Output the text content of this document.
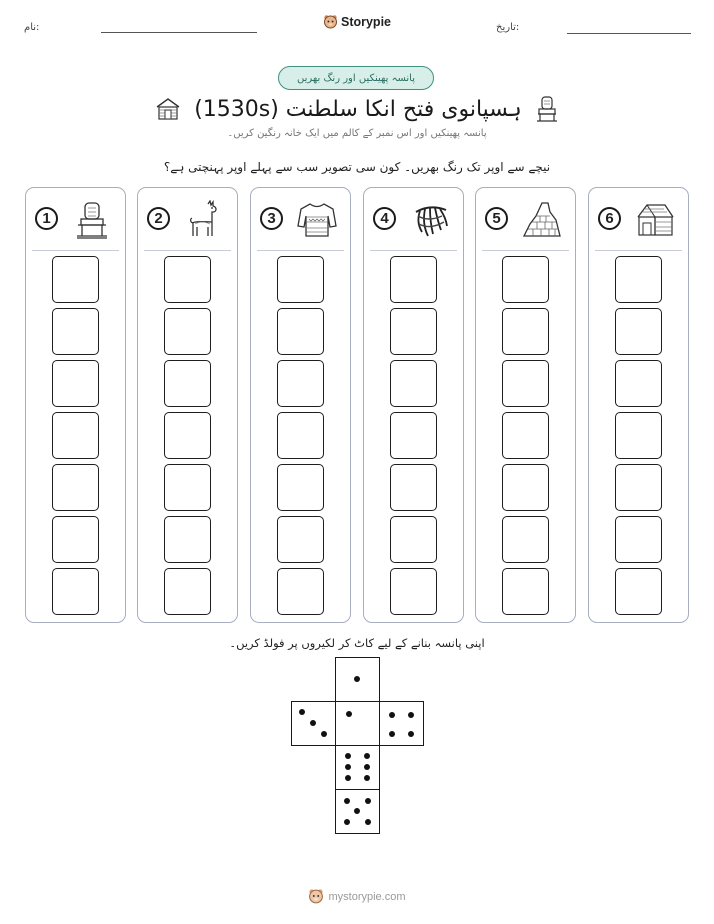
نام:	تاریخ:
Storypie
پانسہ پھینکیں اور رنگ بھریں
ہسپانوی فتح انکا سلطنت (1530s)
پانسہ پھینکیں اور اس نمبر کے کالم میں ایک خانہ رنگین کریں۔
نیچے سے اوپر تک رنگ بھریں۔ کون سی تصویر سب سے پہلے اوپر پہنچتی ہے؟
1	2	3	4	5	6
اپنی پانسہ بنانے کے لیے کاٹ کر لکیروں پر فولڈ کریں۔
mystorypie.com
